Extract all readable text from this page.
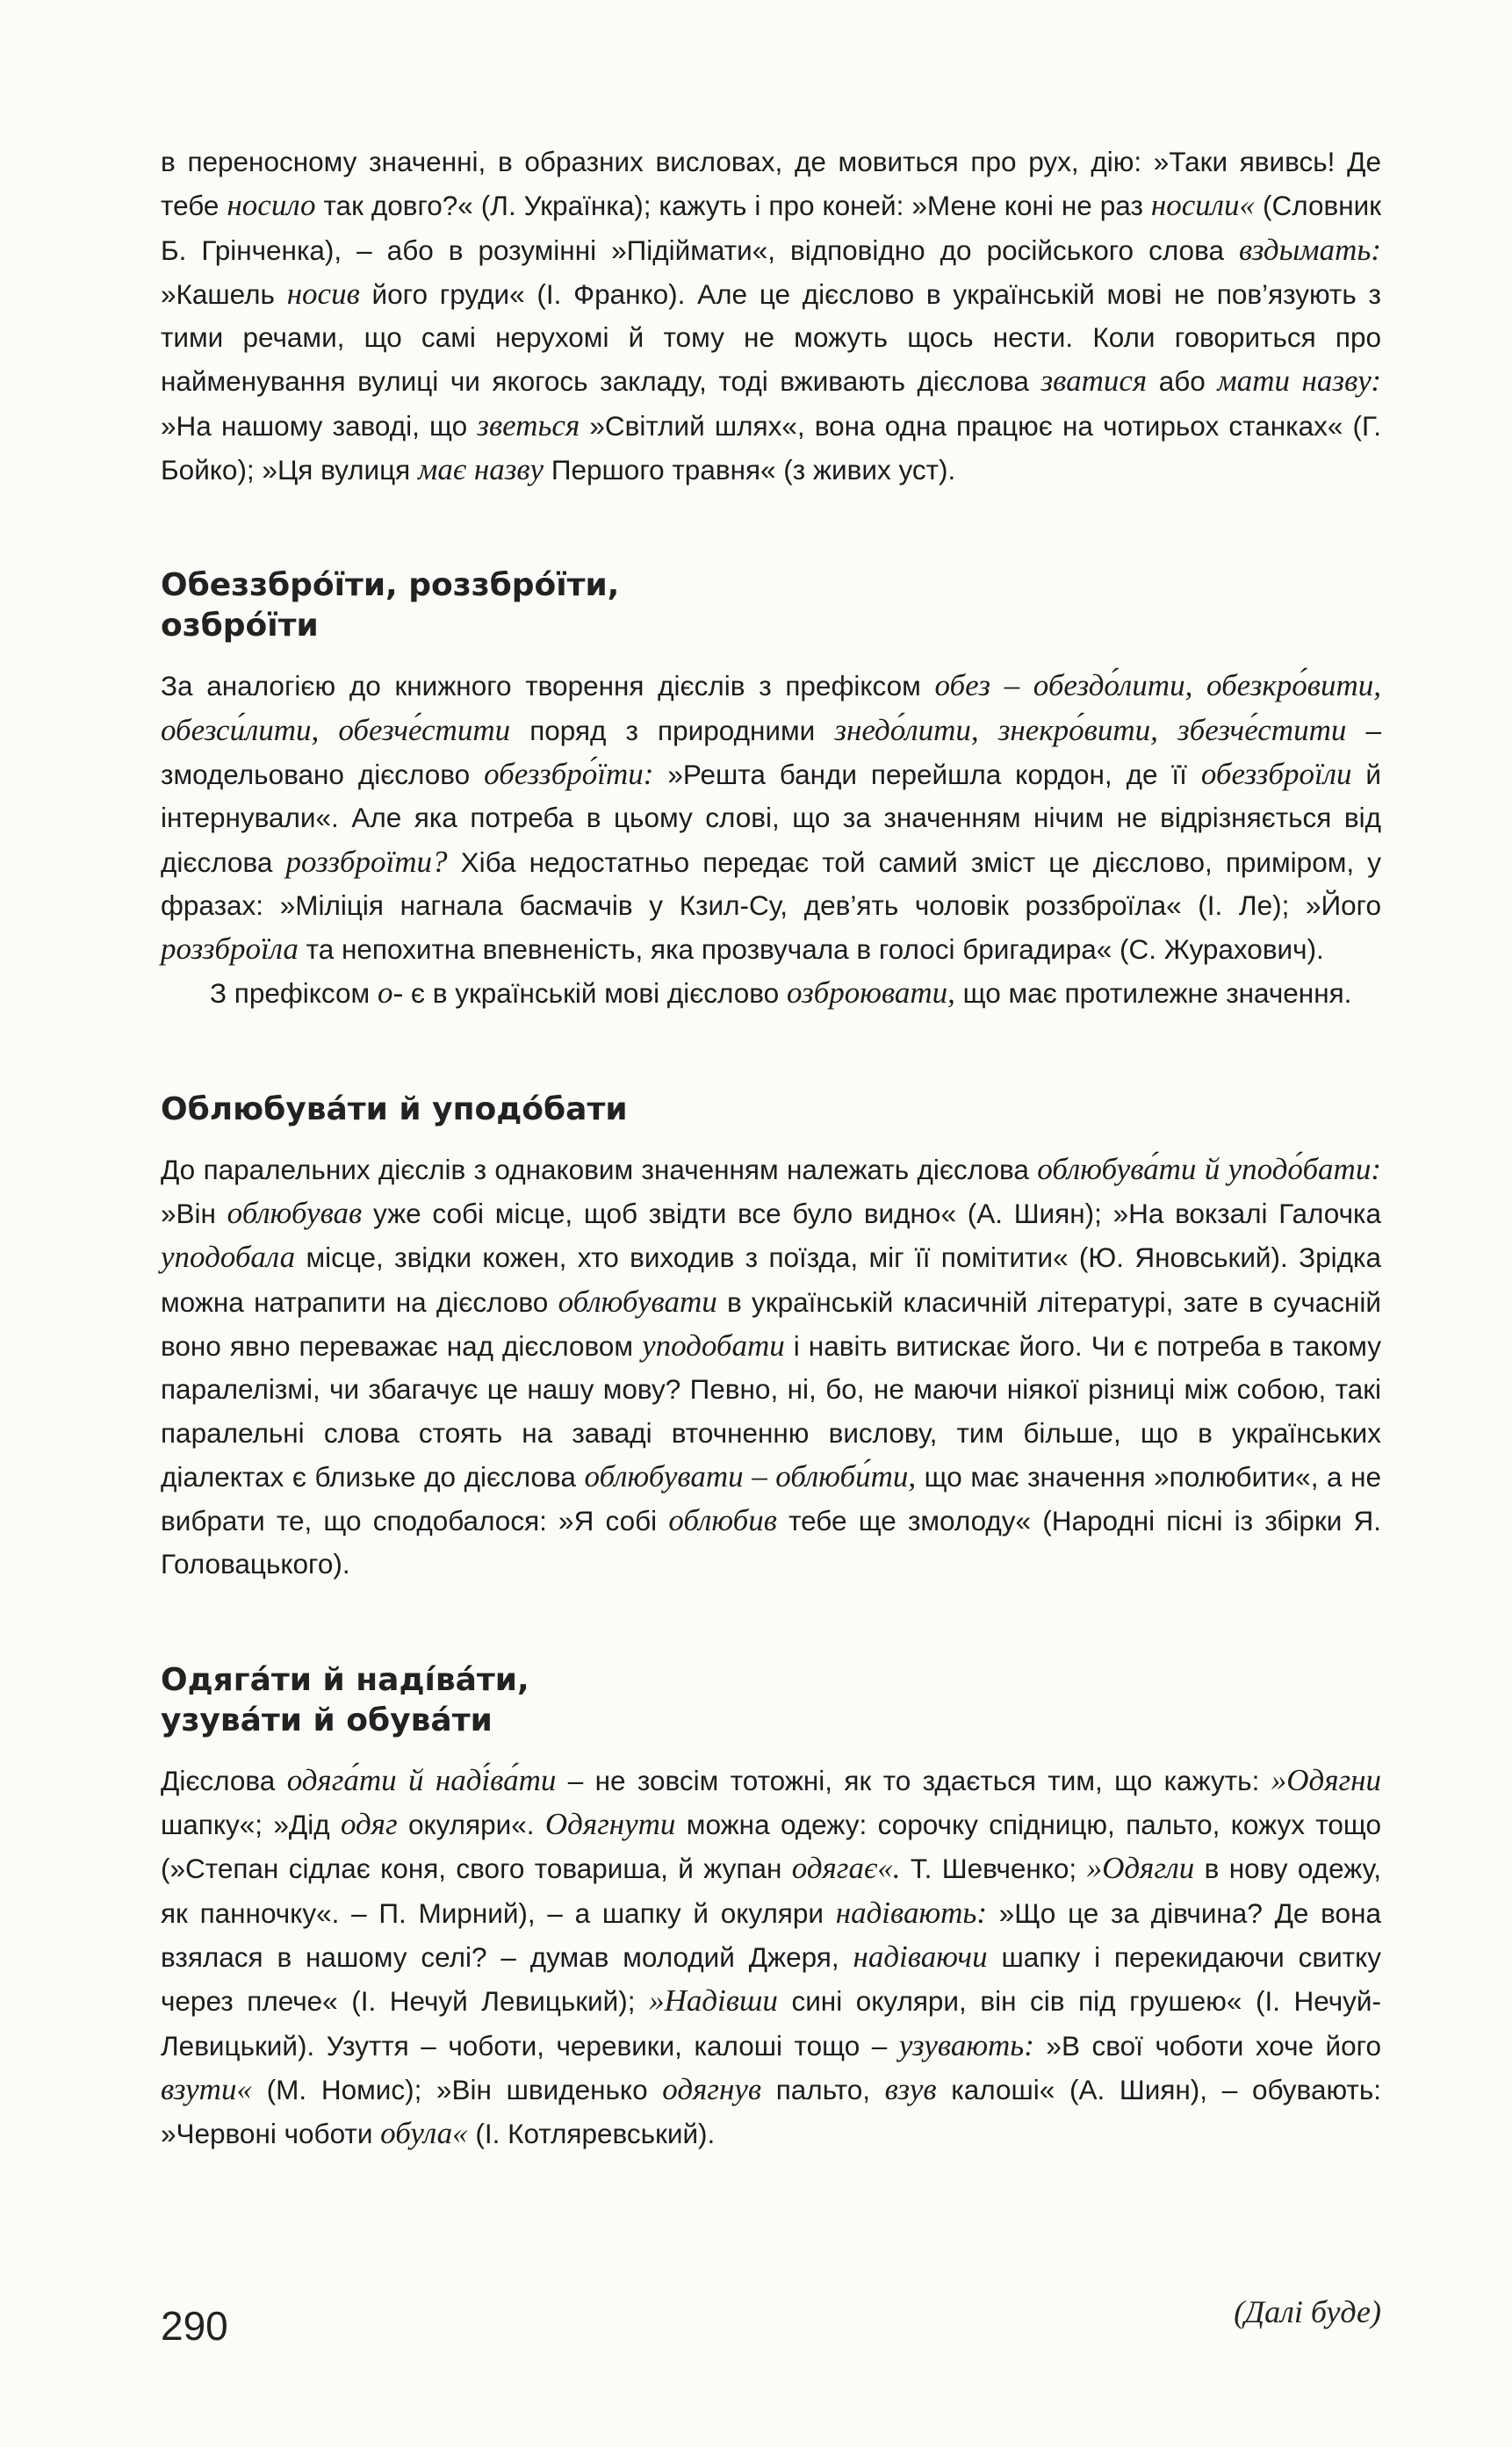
в переносному значенні, в образних висловах, де мовиться про рух, дію: »Таки явивсь! Де тебе носило так довго?« (Л. Українка); кажуть і про коней: »Мене коні не раз носили« (Словник Б. Грінченка), – або в розумінні »Підіймати«, відповідно до російського слова вздымать: »Кашель носив його груди« (І. Франко). Але це дієслово в українській мові не пов’язують з тими речами, що самі нерухомі й тому не можуть щось нести. Коли говориться про найменування вулиці чи якогось закладу, тоді вживають дієслова зватися або мати назву: »На нашому заводі, що зветься »Світлий шлях«, вона одна працює на чотирьох станках« (Г. Бойко); »Ця вулиця має назву Першого травня« (з живих уст).

Обеззбро́їти, роззбро́їти,
озбро́їти

За аналогією до книжного творення дієслів з префіксом обез – обездо́лити, обезкро́вити, обезси́лити, обезче́стити поряд з природними знедо́лити, знекро́вити, збезче́стити – змодельовано дієслово обеззбро́їти: »Решта банди перейшла кордон, де її обеззброїли й інтернували«. Але яка потреба в цьому слові, що за значенням нічим не відрізняється від дієслова роззброїти? Хіба недостатньо передає той самий зміст це дієслово, приміром, у фразах: »Міліція нагнала басмачів у Кзил-Су, дев’ять чоловік роззброїла« (І. Ле); »Його роззброїла та непохитна впевненість, яка прозвучала в голосі бригадира« (С. Журахович).

З префіксом о- є в українській мові дієслово озброювати, що має протилежне значення.

Облюбува́ти й уподо́бати

До паралельних дієслів з однаковим значенням належать дієслова облюбува́ти й уподо́бати: »Він облюбував уже собі місце, щоб звідти все було видно« (А. Шиян); »На вокзалі Галочка уподобала місце, звідки кожен, хто виходив з поїзда, міг її помітити« (Ю. Яновський). Зрідка можна натрапити на дієслово облюбувати в українській класичній літературі, зате в сучасній воно явно переважає над дієсловом уподобати і навіть витискає його. Чи є потреба в такому паралелізмі, чи збагачує це нашу мову? Певно, ні, бо, не маючи ніякої різниці між собою, такі паралельні слова стоять на заваді вточненню вислову, тим більше, що в українських діалектах є близьке до дієслова облюбувати – облюби́ти, що має значення »полюбити«, а не вибрати те, що сподобалося: »Я собі облюбив тебе ще змолоду« (Народні пісні із збірки Я. Головацького).

Одяга́ти й наді́ва́ти,
узува́ти й обува́ти

Дієслова одяга́ти й наді́ва́ти – не зовсім тотожні, як то здається тим, що кажуть: »Одягни шапку«; »Дід одяг окуляри«. Одягнути можна одежу: сорочку спідницю, пальто, кожух тощо (»Степан сідлає коня, свого товариша, й жупан одягає«. Т. Шевченко; »Одягли в нову одежу, як панночку«. – П. Мирний), – а шапку й окуляри надівають: »Що це за дівчина? Де вона взялася в нашому селі? – думав молодий Джеря, надіваючи шапку і перекидаючи свитку через плече« (І. Нечуй Левицький); »Надівши сині окуляри, він сів під грушею« (І. Нечуй-Левицький). Узуття – чоботи, черевики, калоші тощо – узувають: »В свої чоботи хоче його взути« (М. Номис); »Він швиденько одягнув пальто, взув калоші« (А. Шиян), – обувають: »Червоні чоботи обула« (І. Котляревський).

290	(Далі буде)
